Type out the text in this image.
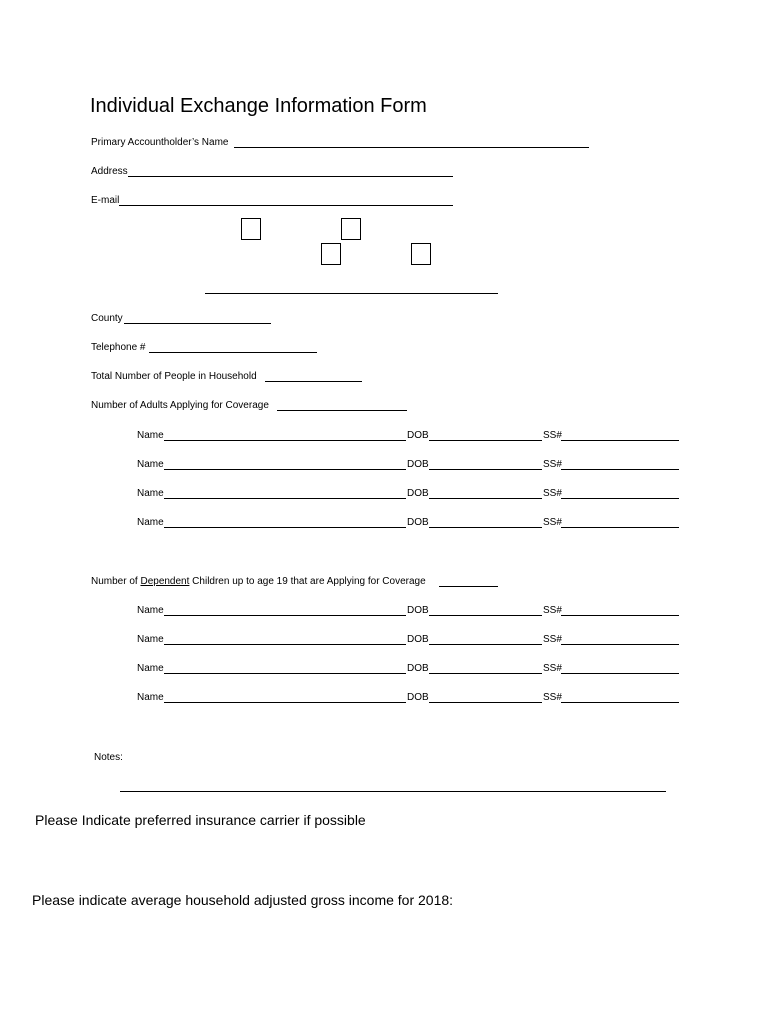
Individual Exchange Information Form
Primary Accountholder’s Name
Address
E-mail
County
Telephone #
Total Number of People in Household
Number of Adults Applying for Coverage
Name	DOB	SS#
Name	DOB	SS#
Name	DOB	SS#
Name	DOB	SS#
Number of Dependent Children up to age 19 that are Applying for Coverage
Name	DOB	SS#
Name	DOB	SS#
Name	DOB	SS#
Name	DOB	SS#
Notes:
Please Indicate preferred insurance carrier if possible
Please indicate average household adjusted gross income for 2018:
